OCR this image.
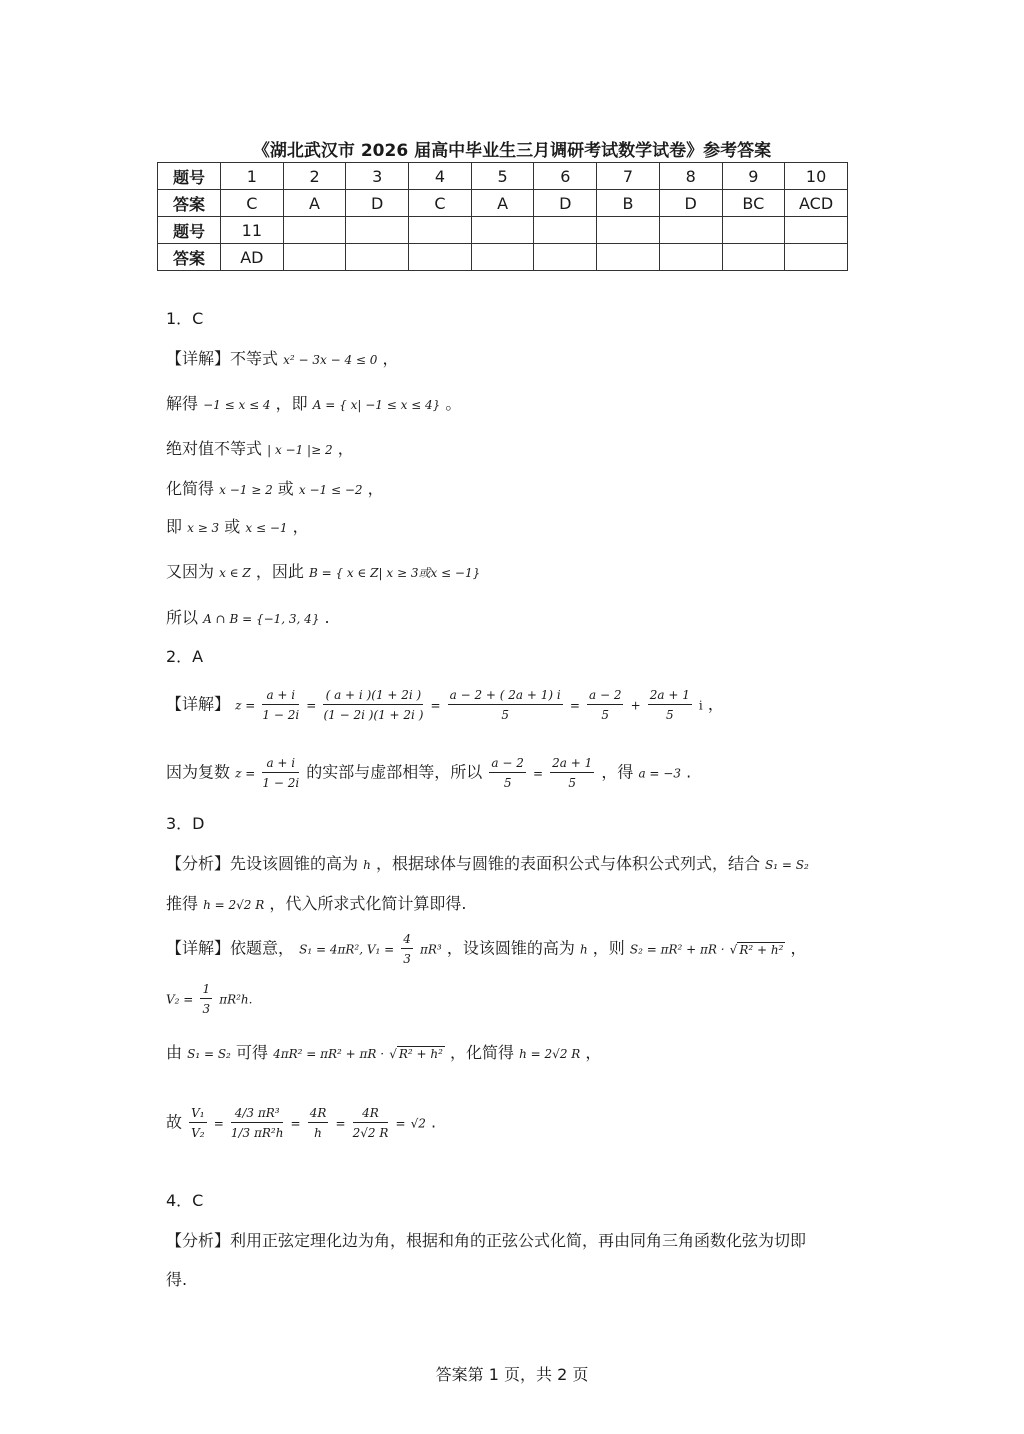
《湖北武汉市 2026 届高中毕业生三月调研考试数学试卷》参考答案
题号	1	2	3	4	5	6	7	8	9	10
答案	C	A	D	C	A	D	B	D	BC	ACD
题号	11									
答案	AD									
1．C
【详解】不等式 x² − 3x − 4 ≤ 0 ，
解得 −1 ≤ x ≤ 4 ，即 A = { x| −1 ≤ x ≤ 4} 。
绝对值不等式 | x −1 |≥ 2 ，
化简得 x −1 ≥ 2 或 x −1 ≤ −2 ，
即 x ≥ 3 或 x ≤ −1 ，
又因为 x ∈ Z ，因此 B = { x ∈ Z| x ≥ 3或x ≤ −1}
所以 A ∩ B = {−1, 3, 4} .
2．A
【详解】 $z = \frac{a + i}{1 - 2i} = \frac{( a + i )(1 + 2i )}{(1 - 2i )(1 + 2i )} = \frac{a - 2 + ( 2a + 1) i}{5} = \frac{a - 2}{5} + \frac{2a + 1}{5}$ i ，
因为复数 $z = \frac{a + i}{1 - 2i}$ 的实部与虚部相等，所以 $\frac{a - 2}{5} = \frac{2a + 1}{5}$ ，得 a = −3 .
3．D
【分析】先设该圆锥的高为 h ，根据球体与圆锥的表面积公式与体积公式列式，结合 S₁ = S₂
推得 h = 2√2 R ，代入所求式化简计算即得.
【详解】依题意， S₁ = 4πR², $V_1 = \frac{4}{3} \pi R^3$ ，设该圆锥的高为 h ，则 S₂ = πR² + πR · √ R² + h² ，
$V_2 = \frac{1}{3} \pi R^2h$.
由 S₁ = S₂ 可得 4πR² = πR² + πR · √ R² + h² ，化简得 h = 2√2 R ，
故 $\frac{\text{V₁}}{\text{V₂}} = \frac{\text{4/3 πR³}}{\text{1/3 πR²h}} = \frac{4R}{h} = \frac{4R}{2√2 R} = √2$ .
4．C
【分析】利用正弦定理化边为角，根据和角的正弦公式化简，再由同角三角函数化弦为切即
得.
答案第 1 页，共 2 页
